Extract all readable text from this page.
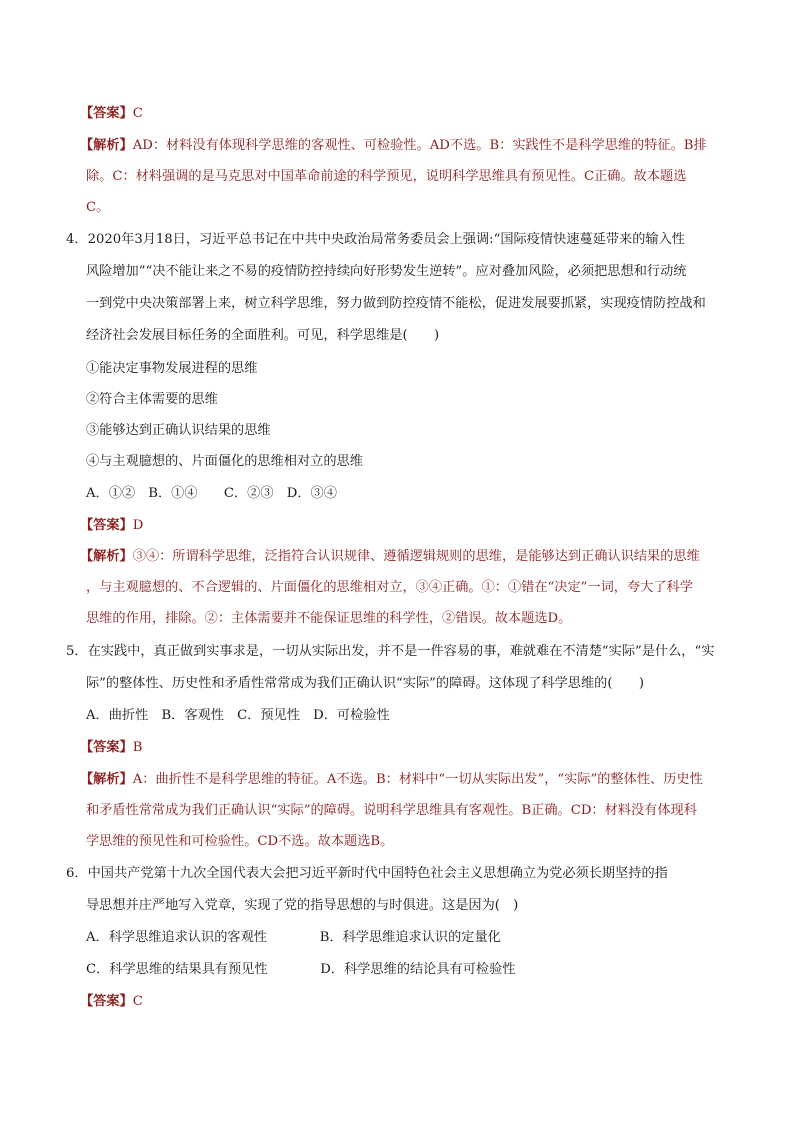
【答案】C
【解析】AD：材料没有体现科学思维的客观性、可检验性。AD不选。B：实践性不是科学思维的特征。B排
除。C：材料强调的是马克思对中国革命前途的科学预见，说明科学思维具有预见性。C正确。故本题选
C。
4．2020年3月18日，习近平总书记在中共中央政治局常务委员会上强调:“国际疫情快速蔓延带来的输入性
风险增加”“决不能让来之不易的疫情防控持续向好形势发生逆转”。应对叠加风险，必须把思想和行动统
一到党中央决策部署上来，树立科学思维，努力做到防控疫情不能松，促进发展要抓紧，实现疫情防控战和
经济社会发展目标任务的全面胜利。可见，科学思维是(　　)
①能决定事物发展进程的思维
②符合主体需要的思维
③能够达到正确认识结果的思维
④与主观臆想的、片面僵化的思维相对立的思维
A．①②　B．①④　　C．②③　D．③④
【答案】D
【解析】③④：所谓科学思维，泛指符合认识规律、遵循逻辑规则的思维，是能够达到正确认识结果的思维
，与主观臆想的、不合逻辑的、片面僵化的思维相对立，③④正确。①：①错在“决定”一词，夸大了科学
思维的作用，排除。②：主体需要并不能保证思维的科学性，②错误。故本题选D。
5．在实践中，真正做到实事求是，一切从实际出发，并不是一件容易的事，难就难在不清楚“实际”是什么，“实
际”的整体性、历史性和矛盾性常常成为我们正确认识“实际”的障碍。这体现了科学思维的(　　)
A．曲折性　B．客观性　C．预见性　D．可检验性
【答案】B
【解析】A：曲折性不是科学思维的特征。A不选。B：材料中“一切从实际出发”，“实际”的整体性、历史性
和矛盾性常常成为我们正确认识“实际”的障碍。说明科学思维具有客观性。B正确。CD：材料没有体现科
学思维的预见性和可检验性。CD不选。故本题选B。
6．中国共产党第十九次全国代表大会把习近平新时代中国特色社会主义思想确立为党必须长期坚持的指
导思想并庄严地写入党章，实现了党的指导思想的与时俱进。这是因为(　)
A．科学思维追求认识的客观性　　　　B．科学思维追求认识的定量化
C．科学思维的结果具有预见性　　　　D．科学思维的结论具有可检验性
【答案】C
